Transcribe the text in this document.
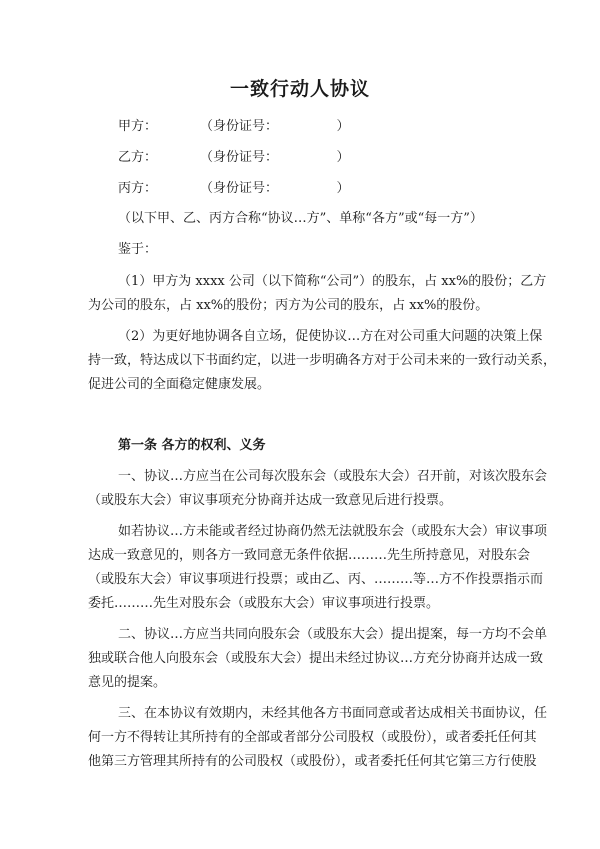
一致行动人协议
甲方：	（身份证号：　　　　　）
乙方：	（身份证号：　　　　　）
丙方：	（身份证号：　　　　　）
（以下甲、乙、丙方合称“协议…方”、单称“各方”或“每一方”）
鉴于：
（1）甲方为 xxxx 公司（以下简称“公司”）的股东，占 xx%的股份；乙方
为公司的股东，占 xx%的股份；丙方为公司的股东，占 xx%的股份。
（2）为更好地协调各自立场，促使协议…方在对公司重大问题的决策上保
持一致，特达成以下书面约定，以进一步明确各方对于公司未来的一致行动关系，
促进公司的全面稳定健康发展。
第一条 各方的权利、义务
一、协议…方应当在公司每次股东会（或股东大会）召开前，对该次股东会
（或股东大会）审议事项充分协商并达成一致意见后进行投票。
如若协议…方未能或者经过协商仍然无法就股东会（或股东大会）审议事项
达成一致意见的，则各方一致同意无条件依据………先生所持意见，对股东会
（或股东大会）审议事项进行投票；或由乙、丙、………等…方不作投票指示而
委托………先生对股东会（或股东大会）审议事项进行投票。
二、协议…方应当共同向股东会（或股东大会）提出提案，每一方均不会单
独或联合他人向股东会（或股东大会）提出未经过协议…方充分协商并达成一致
意见的提案。
三、在本协议有效期内，未经其他各方书面同意或者达成相关书面协议，任
何一方不得转让其所持有的全部或者部分公司股权（或股份），或者委托任何其
他第三方管理其所持有的公司股权（或股份），或者委托任何其它第三方行使股
